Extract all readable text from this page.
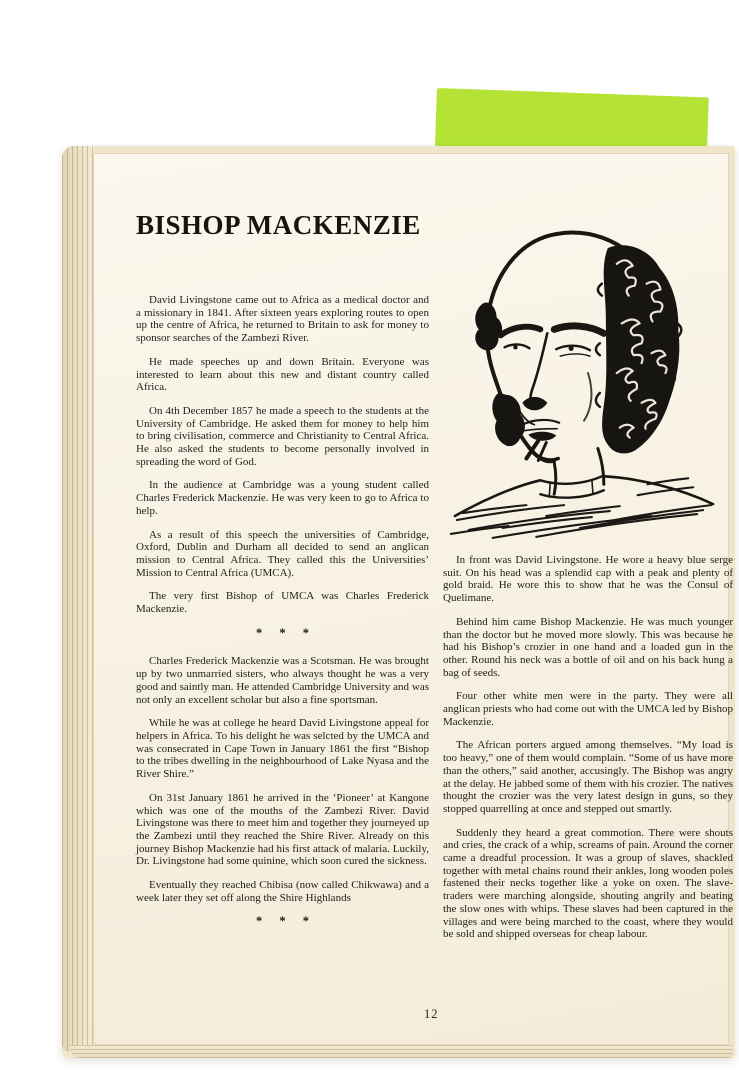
BISHOP MACKENZIE

David Livingstone came out to Africa as a medical doctor and a missionary in 1841. After sixteen years exploring routes to open up the centre of Africa, he returned to Britain to ask for money to sponsor searches of the Zambezi River.

He made speeches up and down Britain. Everyone was interested to learn about this new and distant country called Africa.

On 4th December 1857 he made a speech to the students at the University of Cambridge. He asked them for money to help him to bring civilisation, commerce and Christianity to Central Africa. He also asked the students to become personally involved in spreading the word of God.

In the audience at Cambridge was a young student called Charles Frederick Mackenzie. He was very keen to go to Africa to help.

As a result of this speech the universities of Cambridge, Oxford, Dublin and Durham all decided to send an anglican mission to Central Africa. They called this the Universities’ Mission to Central Africa (UMCA).

The very first Bishop of UMCA was Charles Frederick Mackenzie.

* * *

Charles Frederick Mackenzie was a Scotsman. He was brought up by two unmarried sisters, who always thought he was a very good and saintly man. He attended Cambridge University and was not only an excellent scholar but also a fine sportsman.

While he was at college he heard David Livingstone appeal for helpers in Africa. To his delight he was selcted by the UMCA and was consecrated in Cape Town in January 1861 the first “Bishop to the tribes dwelling in the neighbourhood of Lake Nyasa and the River Shire.”

On 31st January 1861 he arrived in the ‘Pioneer’ at Kangone which was one of the mouths of the Zambezi River. David Livingstone was there to meet him and together they journeyed up the Zambezi until they reached the Shire River. Already on this journey Bishop Mackenzie had his first attack of malaria. Luckily, Dr. Livingstone had some quinine, which soon cured the sickness.

Eventually they reached Chibisa (now called Chikwawa) and a week later they set off along the Shire Highlands

* * *

In front was David Livingstone. He wore a heavy blue serge suit. On his head was a splendid cap with a peak and plenty of gold braid. He wore this to show that he was the Consul of Quelimane.

Behind him came Bishop Mackenzie. He was much younger than the doctor but he moved more slowly. This was because he had his Bishop’s crozier in one hand and a loaded gun in the other. Round his neck was a bottle of oil and on his back hung a bag of seeds.

Four other white men were in the party. They were all anglican priests who had come out with the UMCA led by Bishop Mackenzie.

The African porters argued among themselves. “My load is too heavy,” one of them would complain. “Some of us have more than the others,” said another, accusingly. The Bishop was angry at the delay. He jabbed some of them with his crozier. The natives thought the crozier was the very latest design in guns, so they stopped quarrelling at once and stepped out smartly.

Suddenly they heard a great commotion. There were shouts and cries, the crack of a whip, screams of pain. Around the corner came a dreadful procession. It was a group of slaves, shackled together with metal chains round their ankles, long wooden poles fastened their necks together like a yoke on oxen. The slave-traders were marching alongside, shouting angrily and beating the slow ones with whips. These slaves had been captured in the villages and were being marched to the coast, where they would be sold and shipped overseas for cheap labour.

12
